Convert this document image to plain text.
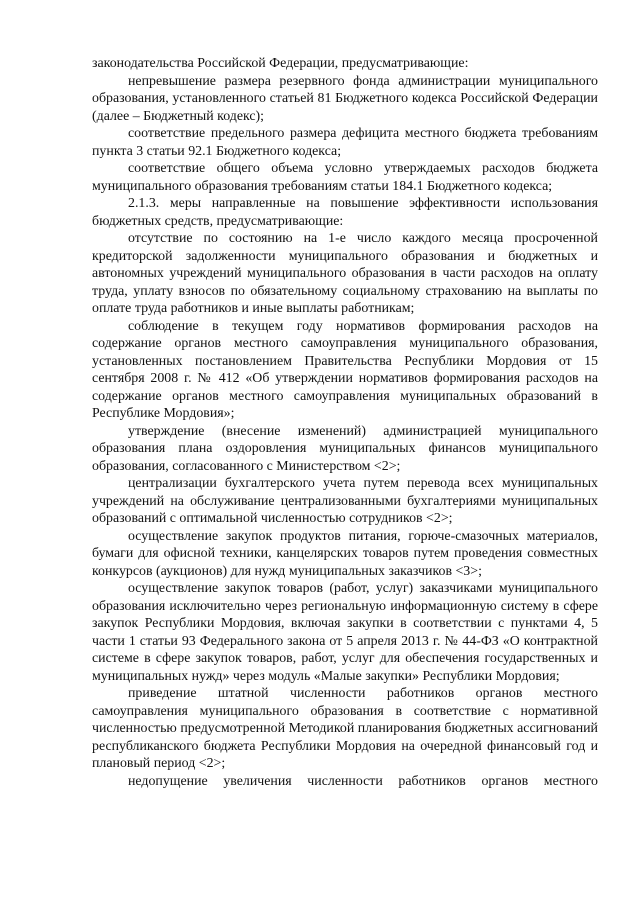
законодательства Российской Федерации, предусматривающие:

непревышение размера резервного фонда администрации муниципального образования, установленного статьей 81 Бюджетного кодекса Российской Федерации (далее – Бюджетный кодекс);

соответствие предельного размера дефицита местного бюджета требованиям пункта 3 статьи 92.1 Бюджетного кодекса;

соответствие общего объема условно утверждаемых расходов бюджета муниципального образования требованиям статьи 184.1 Бюджетного кодекса;

2.1.3. меры направленные на повышение эффективности использования бюджетных средств, предусматривающие:

отсутствие по состоянию на 1-е число каждого месяца просроченной кредиторской задолженности муниципального образования и бюджетных и автономных учреждений муниципального образования в части расходов на оплату труда, уплату взносов по обязательному социальному страхованию на выплаты по оплате труда работников и иные выплаты работникам;

соблюдение в текущем году нормативов формирования расходов на содержание органов местного самоуправления муниципального образования, установленных постановлением Правительства Республики Мордовия от 15 сентября 2008 г. № 412 «Об утверждении нормативов формирования расходов на содержание органов местного самоуправления муниципальных образований в Республике Мордовия»;

утверждение (внесение изменений) администрацией муниципального образования плана оздоровления муниципальных финансов муниципального образования, согласованного с Министерством <2>;

централизации бухгалтерского учета путем перевода всех муниципальных учреждений на обслуживание централизованными бухгалтериями муниципальных образований с оптимальной численностью сотрудников <2>;

осуществление закупок продуктов питания, горюче-смазочных материалов, бумаги для офисной техники, канцелярских товаров путем проведения совместных конкурсов (аукционов) для нужд муниципальных заказчиков <3>;

осуществление закупок товаров (работ, услуг) заказчиками муниципального образования исключительно через региональную информационную систему в сфере закупок Республики Мордовия, включая закупки в соответствии с пунктами 4, 5 части 1 статьи 93 Федерального закона от 5 апреля 2013 г. № 44-ФЗ «О контрактной системе в сфере закупок товаров, работ, услуг для обеспечения государственных и муниципальных нужд» через модуль «Малые закупки» Республики Мордовия;

приведение штатной численности работников органов местного самоуправления муниципального образования в соответствие с нормативной численностью предусмотренной Методикой планирования бюджетных ассигнований республиканского бюджета Республики Мордовия на очередной финансовый год и плановый период <2>;

недопущение увеличения численности работников органов местного
